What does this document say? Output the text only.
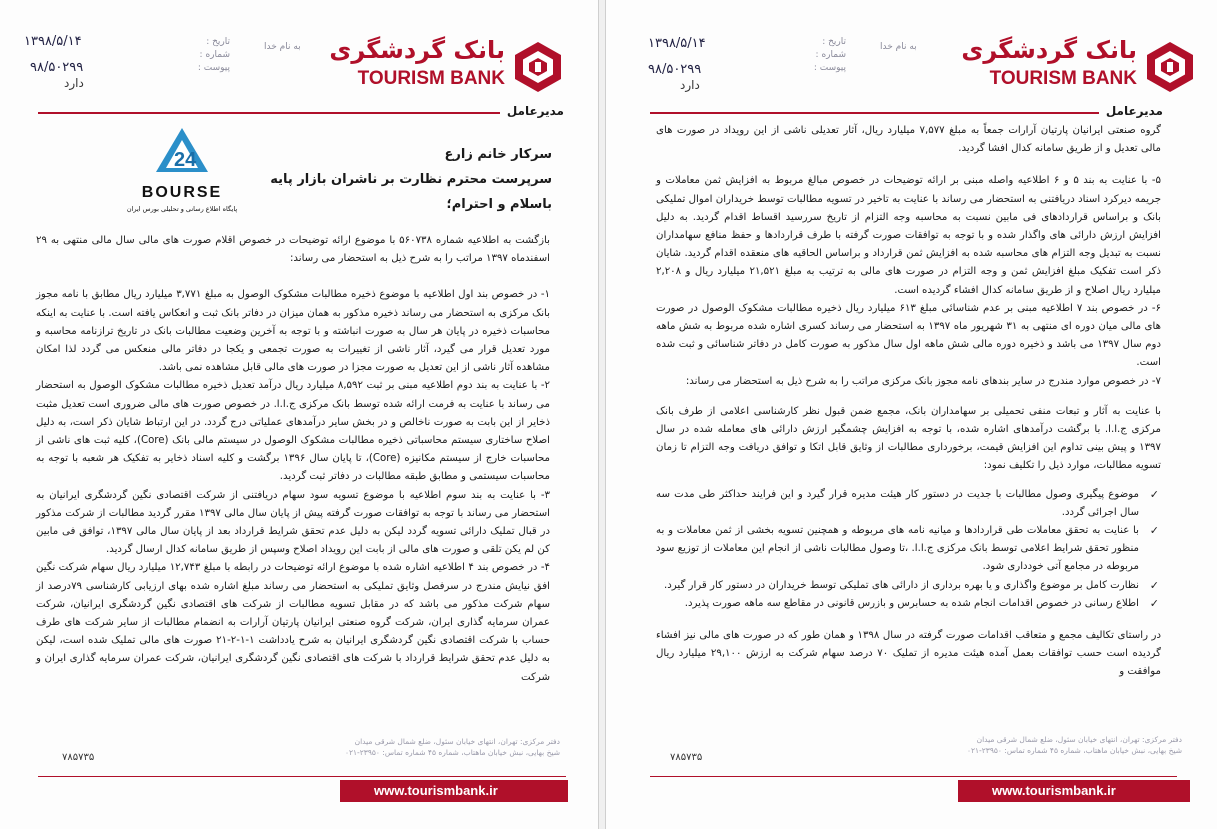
بانک گردشگری
TOURISM BANK
به نام خدا
تاریخ :
شماره :
پیوست :
۱۳۹۸/۵/۱۴
۹۸/۵۰۲۹۹
دارد
مدیرعامل
24
BOURSE
پایگاه اطلاع رسانی و تحلیلی بورس ایران
سرکار خانم زارع
سرپرست محترم نظارت بر ناشران بازار پایه
باسلام و احترام؛

بازگشت به اطلاعیه شماره ۵۶۰۷۳۸ با موضوع ارائه توضیحات در خصوص اقلام صورت های مالی سال مالی منتهی به ۲۹ اسفندماه ۱۳۹۷ مراتب را به شرح ذیل به استحضار می رساند:

۱- در خصوص بند اول اطلاعیه با موضوع ذخیره مطالبات مشکوک الوصول به مبلغ ۳,۷۷۱ میلیارد ریال مطابق با نامه مجوز بانک مرکزی به استحضار می رساند ذخیره مذکور به همان میزان در دفاتر بانک ثبت و انعکاس یافته است. با عنایت به اینکه محاسبات ذخیره در پایان هر سال به صورت انباشته و با توجه به آخرین وضعیت مطالبات بانک در تاریخ ترازنامه محاسبه و مورد تعدیل قرار می گیرد، آثار ناشی از تغییرات به صورت تجمعی و یکجا در دفاتر مالی منعکس می گردد لذا امکان مشاهده آثار ناشی از این تعدیل به صورت مجزا در صورت های مالی قابل مشاهده نمی باشد.

۲- با عنایت به بند دوم اطلاعیه مبنی بر ثبت ۸,۵۹۲ میلیارد ریال درآمد تعدیل ذخیره مطالبات مشکوک الوصول به استحضار می رساند با عنایت به فرمت ارائه شده توسط بانک مرکزی ج.ا.ا. در خصوص صورت های مالی ضروری است تعدیل مثبت ذخایر از این بابت به صورت ناخالص و در بخش سایر درآمدهای عملیاتی درج گردد. در این ارتباط شایان ذکر است، به دلیل اصلاح ساختاری سیستم محاسباتی ذخیره مطالبات مشکوک الوصول در سیستم مالی بانک (Core)، کلیه ثبت های ناشی از محاسبات خارج از سیستم مکانیزه (Core)، تا پایان سال ۱۳۹۶ برگشت و کلیه اسناد ذخایر به تفکیک هر شعبه با توجه به محاسبات سیستمی و مطابق طبقه مطالبات در دفاتر ثبت گردید.

۳- با عنایت به بند سوم اطلاعیه با موضوع تسویه سود سهام دریافتنی از شرکت اقتصادی نگین گردشگری ایرانیان به استحضار می رساند با توجه به توافقات صورت گرفته پیش از پایان سال مالی ۱۳۹۷ مقرر گردید مطالبات از شرکت مذکور در قبال تملیک دارائی تسویه گردد لیکن به دلیل عدم تحقق شرایط قرارداد بعد از پایان سال مالی ۱۳۹۷، توافق فی مابین کن لم یکن تلقی و صورت های مالی از بابت این رویداد اصلاح وسپس از طریق سامانه کدال ارسال گردید.

۴- در خصوص بند ۴ اطلاعیه اشاره شده با موضوع ارائه توضیحات در رابطه با مبلغ ۱۲,۷۴۳ میلیارد ریال سهام شرکت نگین افق نیایش مندرج در سرفصل وثایق تملیکی به استحضار می رساند مبلغ اشاره شده بهای ارزیابی کارشناسی ۷۹درصد از سهام شرکت مذکور می باشد که در مقابل تسویه مطالبات از شرکت های اقتصادی نگین گردشگری ایرانیان، شرکت عمران سرمایه گذاری ایران، شرکت گروه صنعتی ایرانیان پارتیان آرارات به انضمام مطالبات از سایر شرکت های طرف حساب با شرکت اقتصادی نگین گردشگری ایرانیان به شرح یادداشت ۱-۱-۲-۲۱ صورت های مالی تملیک شده است، لیکن به دلیل عدم تحقق شرایط قرارداد با شرکت های اقتصادی نگین گردشگری ایرانیان، شرکت عمران سرمایه گذاری ایران و شرکت

دفتر مرکزی: تهران، انتهای خیابان سئول، ضلع شمال شرقی میدان شیخ بهایی، نبش خیابان ماهتاب، شماره ۴۵ شماره تماس: ۲۳۹۵۰-۰۲۱
۷۸۵۷۳۵
www.tourismbank.ir
بانک گردشگری
TOURISM BANK
به نام خدا
تاریخ :
شماره :
پیوست :
۱۳۹۸/۵/۱۴
۹۸/۵۰۲۹۹
دارد
مدیرعامل

گروه صنعتی ایرانیان پارتیان آرارات جمعاً به مبلغ ۷,۵۷۷ میلیارد ریال، آثار تعدیلی ناشی از این رویداد در صورت های مالی تعدیل و از طریق سامانه کدال افشا گردید.

۵- با عنایت به بند ۵ و ۶ اطلاعیه واصله مبنی بر ارائه توضیحات در خصوص مبالغ مربوط به افزایش ثمن معاملات و جریمه دیرکرد اسناد دریافتنی به استحضار می رساند با عنایت به تاخیر در تسویه مطالبات توسط خریداران اموال تملیکی بانک و براساس قراردادهای فی مابین نسبت به محاسبه وجه التزام از تاریخ سررسید اقساط اقدام گردید. به دلیل افزایش ارزش دارائی های واگذار شده و با توجه به توافقات صورت گرفته با طرف قراردادها و حفظ منافع سهامداران نسبت به تبدیل وجه التزام های محاسبه شده به افزایش ثمن قرارداد و براساس الحاقیه های منعقده اقدام گردید. شایان ذکر است تفکیک مبلغ افزایش ثمن و وجه التزام در صورت های مالی به ترتیب به مبلغ ۲۱,۵۲۱ میلیارد ریال و ۲,۲۰۸ میلیارد ریال اصلاح و از طریق سامانه کدال افشاء گردیده است.

۶- در خصوص بند ۷ اطلاعیه مبنی بر عدم شناسائی مبلغ ۶۱۳ میلیارد ریال ذخیره مطالبات مشکوک الوصول در صورت های مالی میان دوره ای منتهی به ۳۱ شهریور ماه ۱۳۹۷ به استحضار می رساند کسری اشاره شده مربوط به شش ماهه دوم سال ۱۳۹۷ می باشد و ذخیره دوره مالی شش ماهه اول سال مذکور به صورت کامل در دفاتر شناسائی و ثبت شده است.

۷- در خصوص موارد مندرج در سایر بندهای نامه مجوز بانک مرکزی مراتب را به شرح ذیل به استحضار می رساند:

با عنایت به آثار و تبعات منفی تحمیلی بر سهامداران بانک، مجمع ضمن قبول نظر کارشناسی اعلامی از طرف بانک مرکزی ج.ا.ا. با برگشت درآمدهای اشاره شده، با توجه به افزایش چشمگیر ارزش دارائی های معامله شده در سال ۱۳۹۷ و پیش بینی تداوم این افزایش قیمت، برخورداری مطالبات از وثایق قابل اتکا و توافق دریافت وجه التزام تا زمان تسویه مطالبات، موارد ذیل را تکلیف نمود:

✓
موضوع پیگیری وصول مطالبات با جدیت در دستور کار هیئت مدیره قرار گیرد و این فرایند حداکثر طی مدت سه سال اجرائی گردد.
✓
با عنایت به تحقق معاملات طی قراردادها و میانیه نامه های مربوطه و همچنین تسویه بخشی از ثمن معاملات و به منظور تحقق شرایط اعلامی توسط بانک مرکزی ج.ا.ا. ،تا وصول مطالبات ناشی از انجام این معاملات از توزیع سود مربوطه در مجامع آتی خودداری شود.
✓
نظارت کامل بر موضوع واگذاری و یا بهره برداری از دارائی های تملیکی توسط خریداران در دستور کار قرار گیرد.
✓
اطلاع رسانی در خصوص اقدامات انجام شده به حسابرس و بازرس قانونی در مقاطع سه ماهه صورت پذیرد.

در راستای تکالیف مجمع و متعاقب اقدامات صورت گرفته در سال ۱۳۹۸ و همان طور که در صورت های مالی نیز افشاء گردیده است حسب توافقات بعمل آمده هیئت مدیره از تملیک ۷۰ درصد سهام شرکت به ارزش ۲۹,۱۰۰ میلیارد ریال موافقت و

دفتر مرکزی: تهران، انتهای خیابان سئول، ضلع شمال شرقی میدان شیخ بهایی، نبش خیابان ماهتاب، شماره ۴۵ شماره تماس: ۲۳۹۵۰-۰۲۱
۷۸۵۷۳۵
www.tourismbank.ir
